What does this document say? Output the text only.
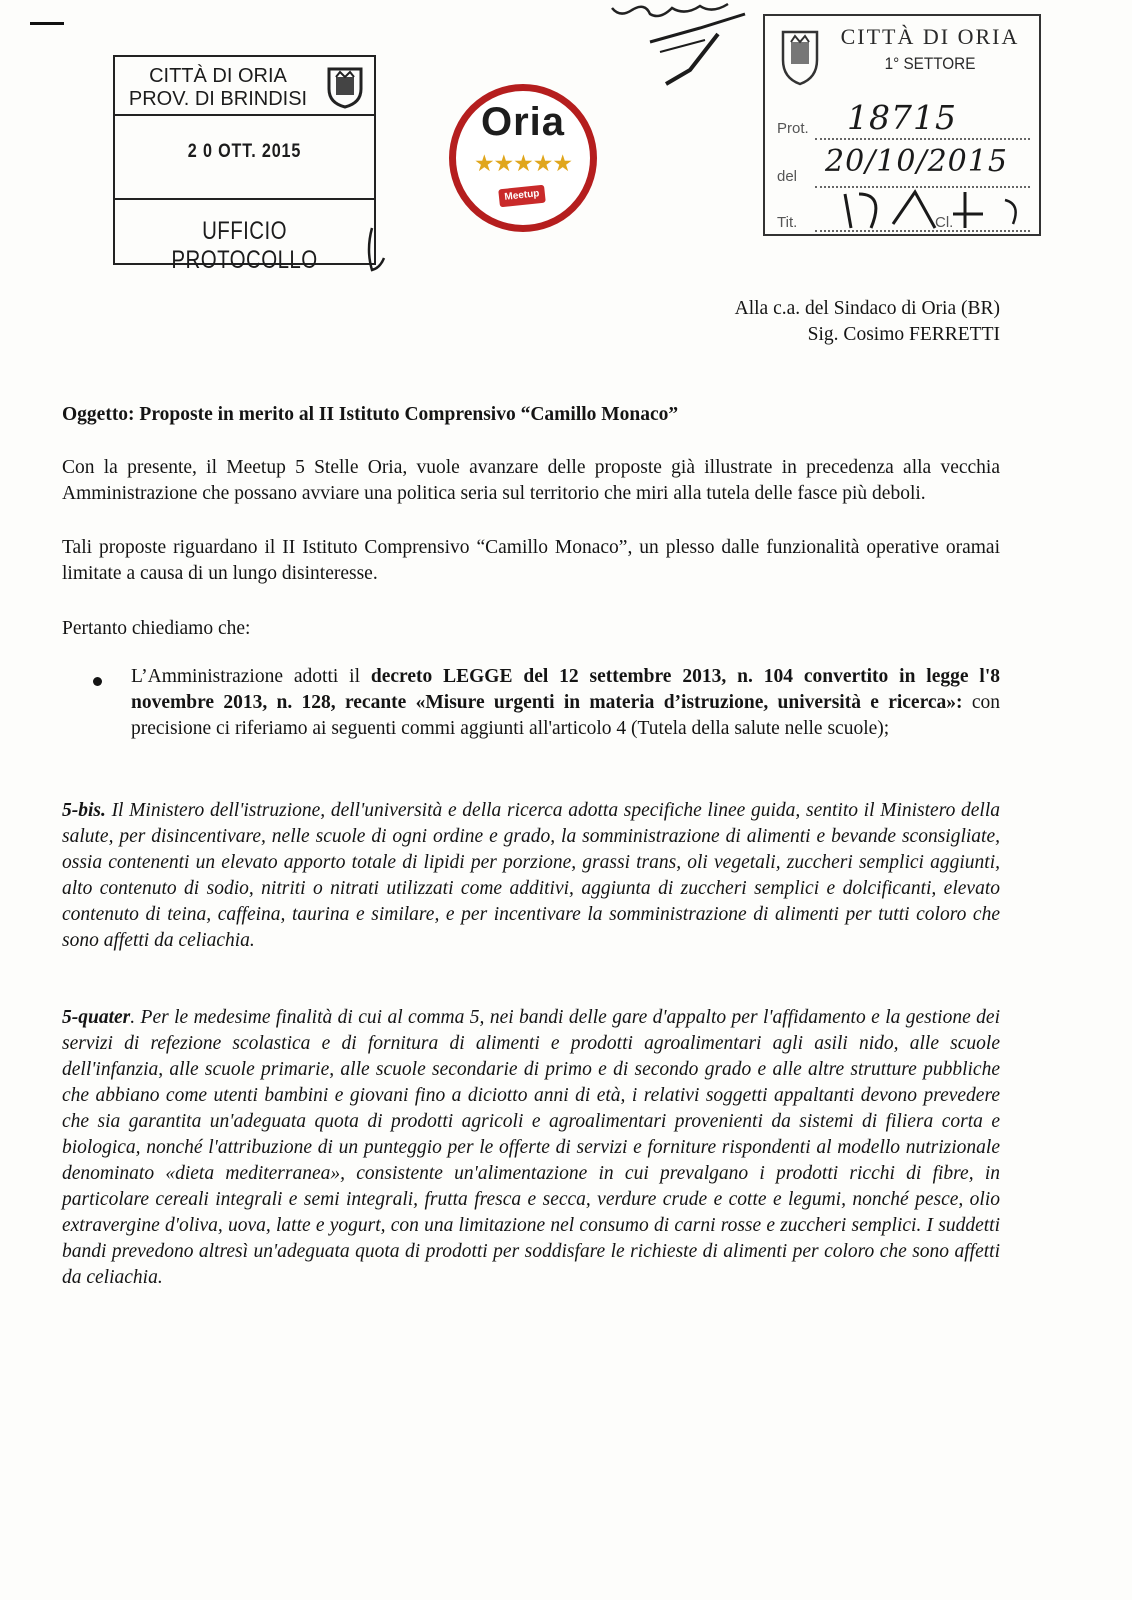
CITTÀ DI ORIA
PROV. DI BRINDISI
2 0 OTT. 2015
UFFICIO PROTOCOLLO
Oria
★★★★★
Meetup
CITTÀ DI ORIA
1° SETTORE
Prot. 18715
del 20/10/2015
Tit.	Cl.
Alla c.a. del Sindaco di Oria (BR)
Sig. Cosimo FERRETTI
Oggetto: Proposte in merito al II Istituto Comprensivo “Camillo Monaco”
Con la presente, il Meetup 5 Stelle Oria, vuole avanzare delle proposte già illustrate in precedenza alla vecchia Amministrazione che possano avviare una politica seria sul territorio che miri alla tutela delle fasce più deboli.
Tali proposte riguardano il II Istituto Comprensivo “Camillo Monaco”, un plesso dalle funzionalità operative oramai limitate a causa di un lungo disinteresse.
Pertanto chiediamo che:
L’Amministrazione adotti il decreto LEGGE del 12 settembre 2013, n. 104 convertito in legge l'8 novembre 2013, n. 128, recante «Misure urgenti in materia d’istruzione, università e ricerca»: con precisione ci riferiamo ai seguenti commi aggiunti all'articolo 4 (Tutela della salute nelle scuole);
5-bis. Il Ministero dell'istruzione, dell'università e della ricerca adotta specifiche linee guida, sentito il Ministero della salute, per disincentivare, nelle scuole di ogni ordine e grado, la somministrazione di alimenti e bevande sconsigliate, ossia contenenti un elevato apporto totale di lipidi per porzione, grassi trans, oli vegetali, zuccheri semplici aggiunti, alto contenuto di sodio, nitriti o nitrati utilizzati come additivi, aggiunta di zuccheri semplici e dolcificanti, elevato contenuto di teina, caffeina, taurina e similare, e per incentivare la somministrazione di alimenti per tutti coloro che sono affetti da celiachia.
5-quater. Per le medesime finalità di cui al comma 5, nei bandi delle gare d'appalto per l'affidamento e la gestione dei servizi di refezione scolastica e di fornitura di alimenti e prodotti agroalimentari agli asili nido, alle scuole dell'infanzia, alle scuole primarie, alle scuole secondarie di primo e di secondo grado e alle altre strutture pubbliche che abbiano come utenti bambini e giovani fino a diciotto anni di età, i relativi soggetti appaltanti devono prevedere che sia garantita un'adeguata quota di prodotti agricoli e agroalimentari provenienti da sistemi di filiera corta e biologica, nonché l'attribuzione di un punteggio per le offerte di servizi e forniture rispondenti al modello nutrizionale denominato «dieta mediterranea», consistente un'alimentazione in cui prevalgano i prodotti ricchi di fibre, in particolare cereali integrali e semi integrali, frutta fresca e secca, verdure crude e cotte e legumi, nonché pesce, olio extravergine d'oliva, uova, latte e yogurt, con una limitazione nel consumo di carni rosse e zuccheri semplici. I suddetti bandi prevedono altresì un'adeguata quota di prodotti per soddisfare le richieste di alimenti per coloro che sono affetti da celiachia.
